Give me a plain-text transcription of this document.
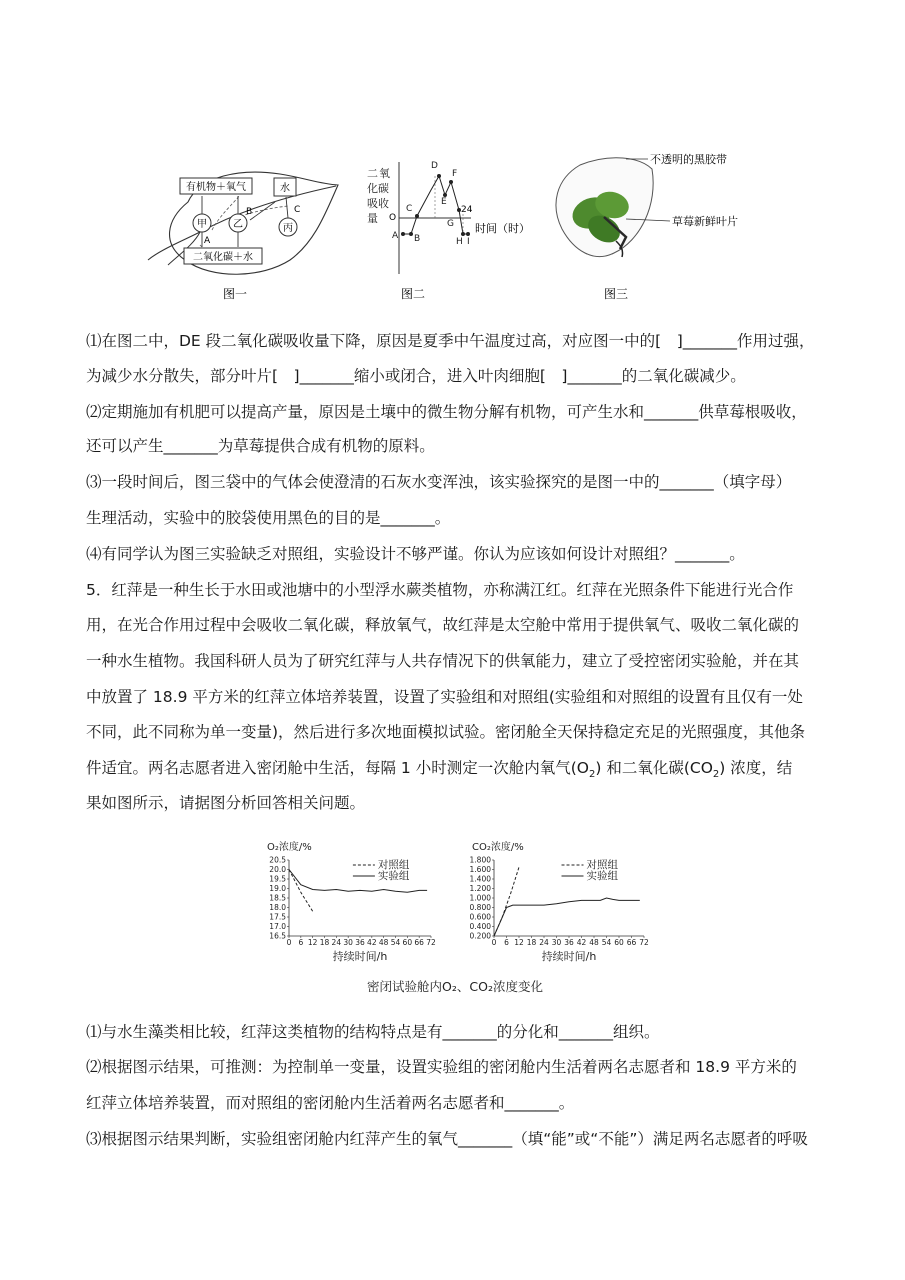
有机物＋氧气	水
二氧化碳＋水
甲	乙	丙
A
B	C
图一
二 氧
化碳
吸收
量 O
时间（时）
24
A B
C
D
E
F
G
H I
图二
不透明的黑胶带
草莓新鲜叶片
图三
⑴在图二中，DE 段二氧化碳吸收量下降，原因是夏季中午温度过高，对应图一中的[　]_______作用过强，
为减少水分散失，部分叶片[　]_______缩小或闭合，进入叶肉细胞[　]_______的二氧化碳减少。
⑵定期施加有机肥可以提高产量，原因是土壤中的微生物分解有机物，可产生水和_______供草莓根吸收，
还可以产生_______为草莓提供合成有机物的原料。
⑶一段时间后，图三袋中的气体会使澄清的石灰水变浑浊，该实验探究的是图一中的_______（填字母）
生理活动，实验中的胶袋使用黑色的目的是_______。
⑷有同学认为图三实验缺乏对照组，实验设计不够严谨。你认为应该如何设计对照组？_______。
5．红萍是一种生长于水田或池塘中的小型浮水蕨类植物，亦称满江红。红萍在光照条件下能进行光合作
用，在光合作用过程中会吸收二氧化碳，释放氧气，故红萍是太空舱中常用于提供氧气、吸收二氧化碳的
一种水生植物。我国科研人员为了研究红萍与人共存情况下的供氧能力，建立了受控密闭实验舱，并在其
中放置了 18.9 平方米的红萍立体培养装置，设置了实验组和对照组(实验组和对照组的设置有且仅有一处
不同，此不同称为单一变量)，然后进行多次地面模拟试验。密闭舱全天保持稳定充足的光照强度，其他条
件适宜。两名志愿者进入密闭舱中生活，每隔 1 小时测定一次舱内氧气$(O_2)$ 和二氧化碳$(CO_2)$ 浓度，结
果如图所示，请据图分析回答相关问题。
O₂浓度/%
20.5
20.0
19.5
19.0
18.5
18.0
17.5
17.0
16.5
0 6 12 18 24 30 36 42 48 54 60 66 72
持续时间/h
对照组
实验组
CO₂浓度/%
1.800
1.600
1.400
1.200
1.000
0.800
0.600
0.400
0.200
0 6 12 18 24 30 36 42 48 54 60 66 72
持续时间/h
对照组
实验组
密闭试验舱内O₂、CO₂浓度变化
⑴与水生藻类相比较，红萍这类植物的结构特点是有_______的分化和_______组织。
⑵根据图示结果，可推测：为控制单一变量，设置实验组的密闭舱内生活着两名志愿者和 18.9 平方米的
红萍立体培养装置，而对照组的密闭舱内生活着两名志愿者和_______。
⑶根据图示结果判断，实验组密闭舱内红萍产生的氧气_______（填“能”或“不能”）满足两名志愿者的呼吸
